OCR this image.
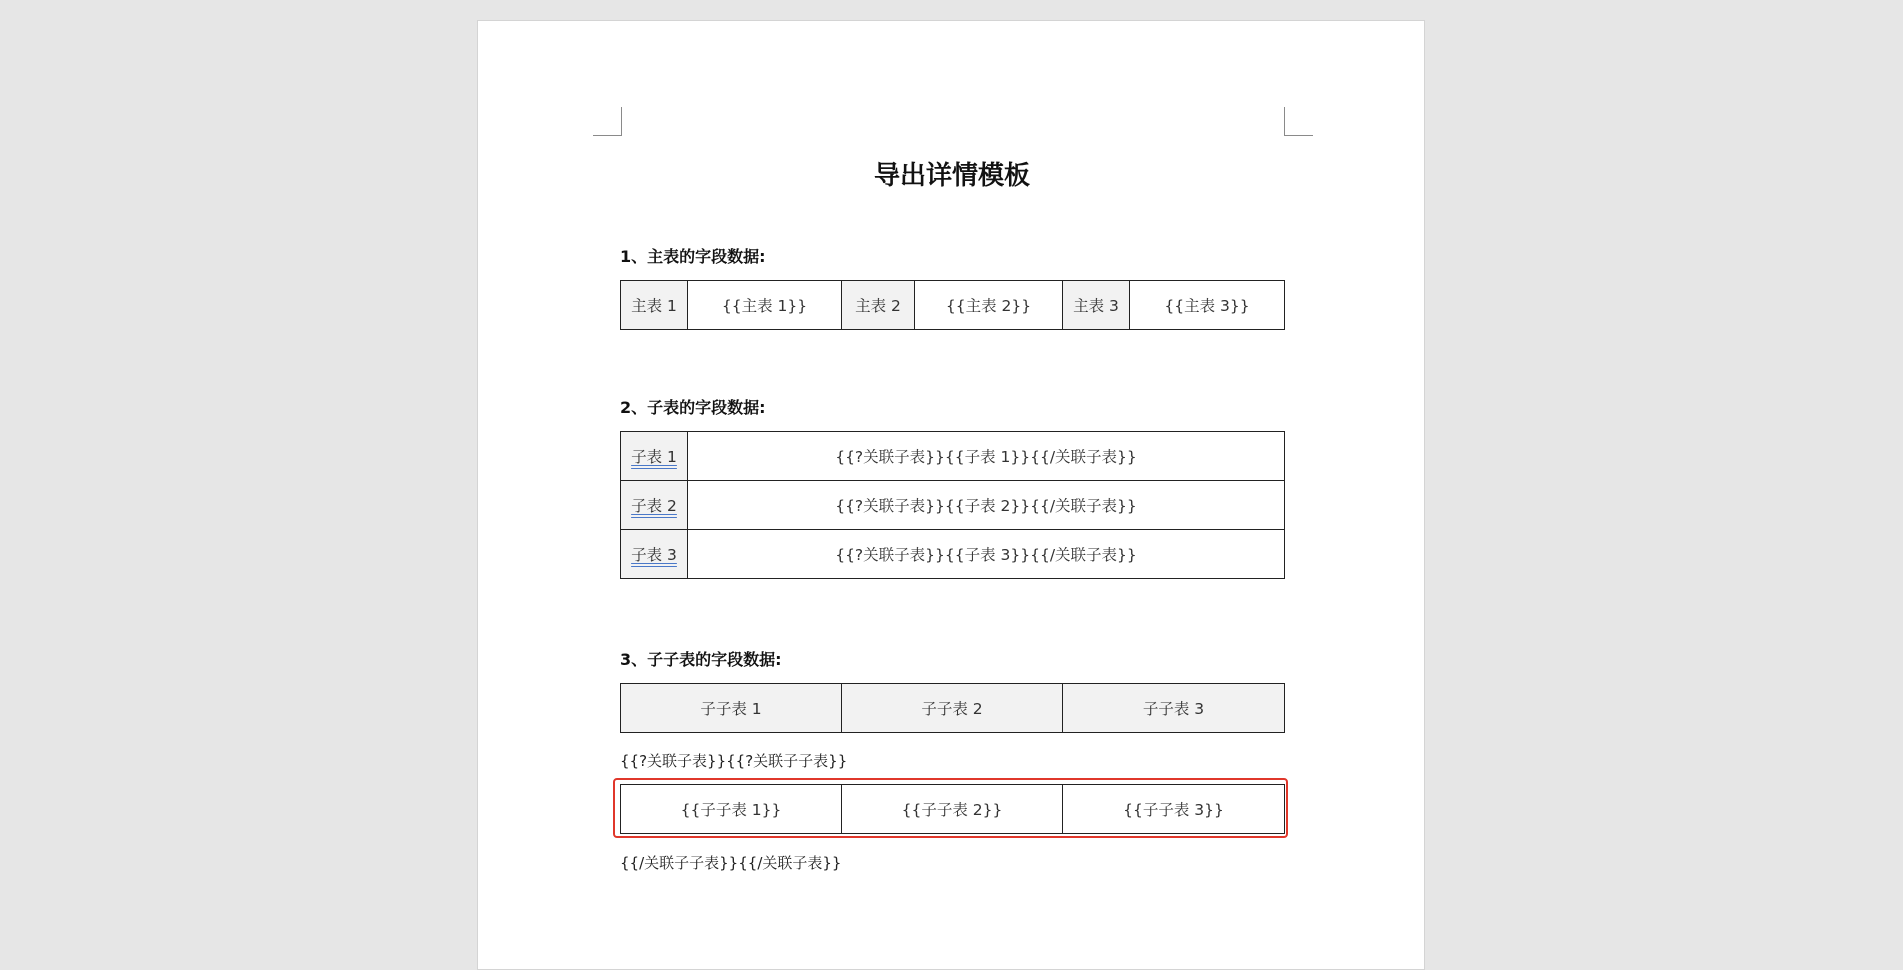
导出详情模板

1、主表的字段数据:

主表 1	{{主表 1}}	主表 2	{{主表 2}}	主表 3	{{主表 3}}

2、子表的字段数据:

子表 1	{{?关联子表}}{{子表 1}}{{/关联子表}}
子表 2	{{?关联子表}}{{子表 2}}{{/关联子表}}
子表 3	{{?关联子表}}{{子表 3}}{{/关联子表}}

3、子子表的字段数据:

子子表 1	子子表 2	子子表 3

{{?关联子表}}{{?关联子子表}}

{{子子表 1}}	{{子子表 2}}	{{子子表 3}}

{{/关联子子表}}{{/关联子表}}
